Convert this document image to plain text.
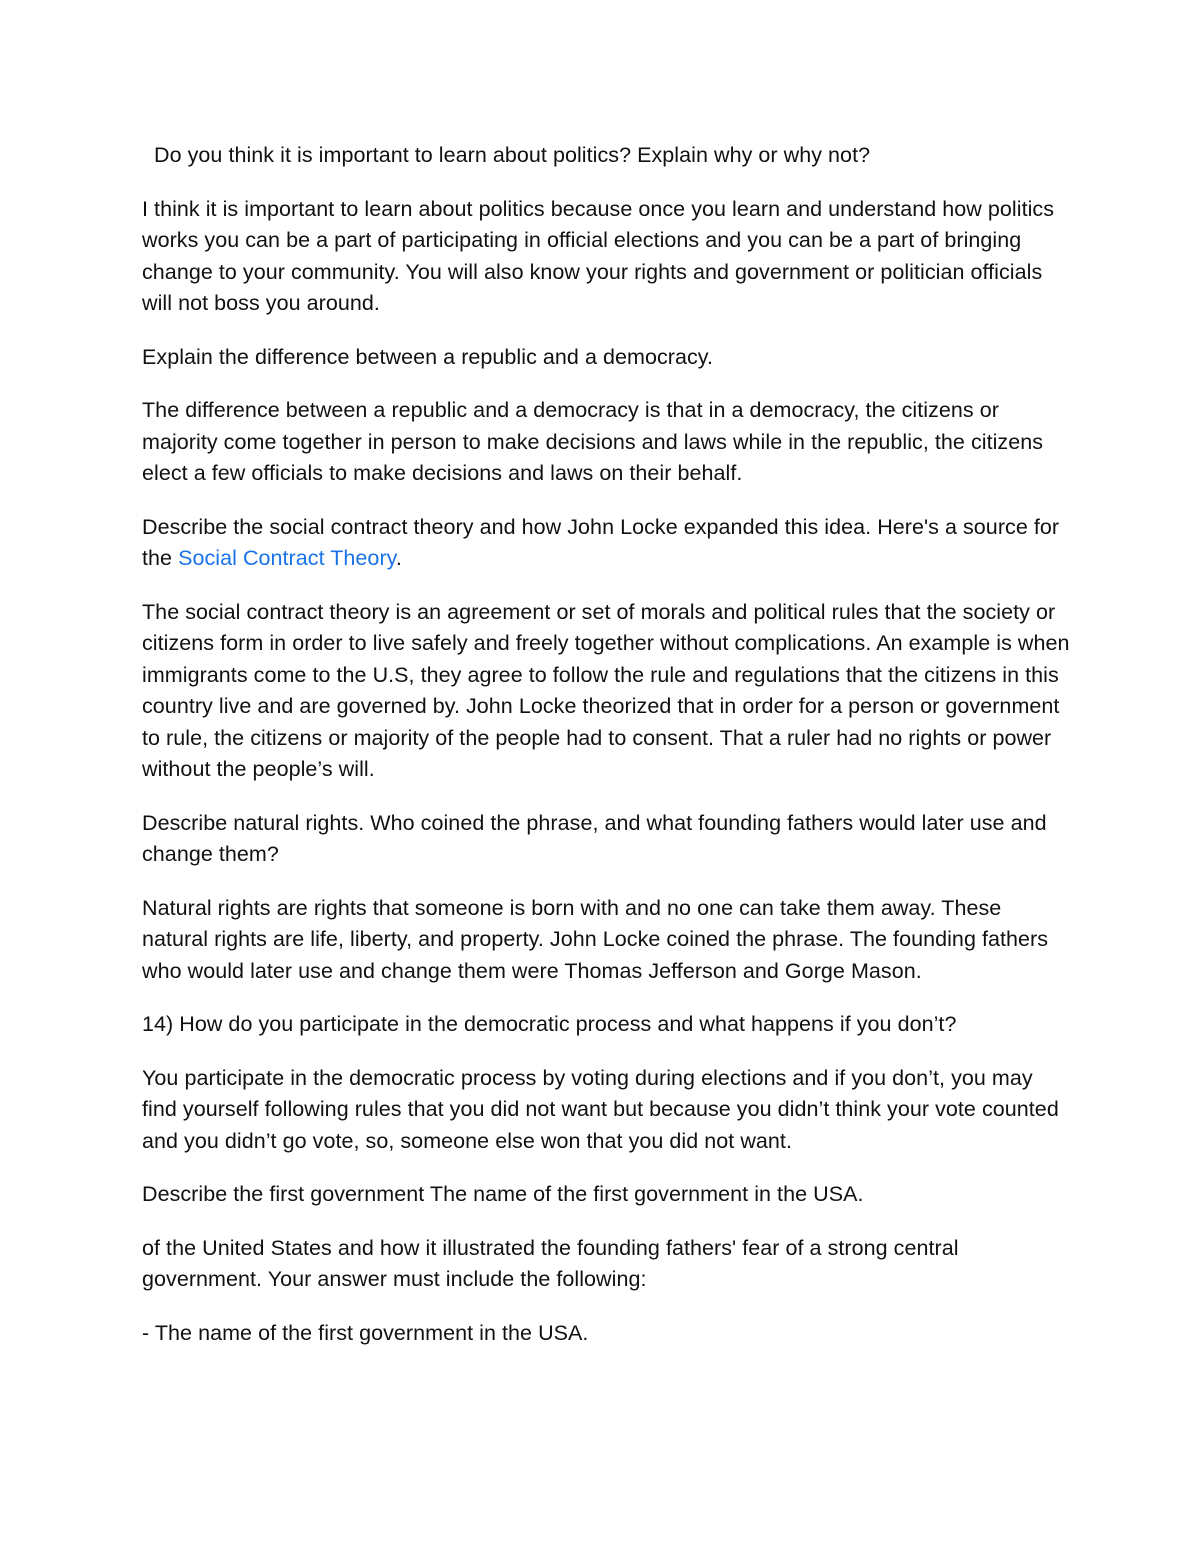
Do you think it is important to learn about politics? Explain why or why not?

I think it is important to learn about politics because once you learn and understand how politics works you can be a part of participating in official elections and you can be a part of bringing change to your community. You will also know your rights and government or politician officials will not boss you around.

Explain the difference between a republic and a democracy.

The difference between a republic and a democracy is that in a democracy, the citizens or majority come together in person to make decisions and laws while in the republic, the citizens elect a few officials to make decisions and laws on their behalf.

Describe the social contract theory and how John Locke expanded this idea. Here's a source for the Social Contract Theory.

The social contract theory is an agreement or set of morals and political rules that the society or citizens form in order to live safely and freely together without complications. An example is when immigrants come to the U.S, they agree to follow the rule and regulations that the citizens in this country live and are governed by. John Locke theorized that in order for a person or government to rule, the citizens or majority of the people had to consent. That a ruler had no rights or power without the people’s will.

Describe natural rights. Who coined the phrase, and what founding fathers would later use and change them?

Natural rights are rights that someone is born with and no one can take them away. These natural rights are life, liberty, and property. John Locke coined the phrase. The founding fathers who would later use and change them were Thomas Jefferson and Gorge Mason.

14) How do you participate in the democratic process and what happens if you don’t?

You participate in the democratic process by voting during elections and if you don’t, you may find yourself following rules that you did not want but because you didn’t think your vote counted and you didn’t go vote, so, someone else won that you did not want.

Describe the first government The name of the first government in the USA.

of the United States and how it illustrated the founding fathers' fear of a strong central government. Your answer must include the following:

- The name of the first government in the USA.
